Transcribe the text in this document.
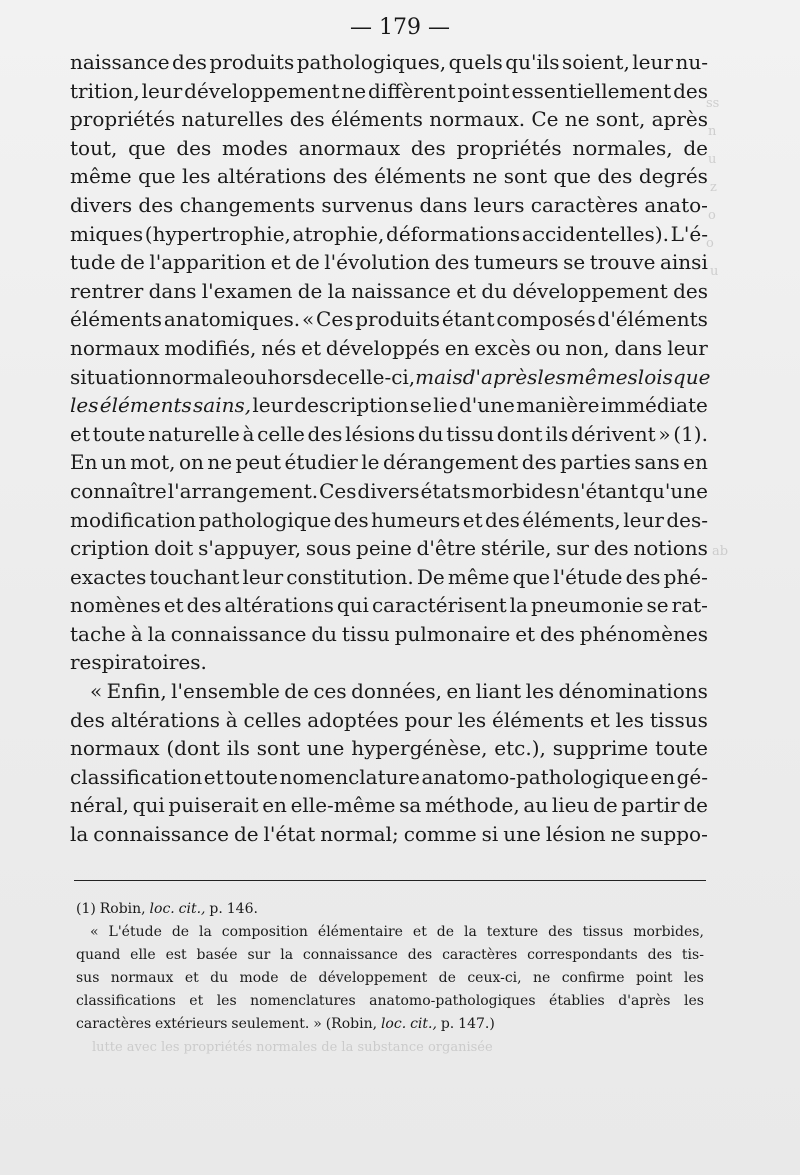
ss
n
u
z
o
o
u
ab
lutte avec les propriétés normales de la substance organisée
— 179 —
naissance des produits pathologiques, quels qu'ils soient, leur nu-
trition, leur développement ne diffèrent point essentiellement des
propriétés naturelles des éléments normaux. Ce ne sont, après
tout, que des modes anormaux des propriétés normales, de
même que les altérations des éléments ne sont que des degrés
divers des changements survenus dans leurs caractères anato-
miques (hypertrophie, atrophie, déformations accidentelles). L'é-
tude de l'apparition et de l'évolution des tumeurs se trouve ainsi
rentrer dans l'examen de la naissance et du développement des
éléments anatomiques. « Ces produits étant composés d'éléments
normaux modifiés, nés et développés en excès ou non, dans leur
situation normale ou hors de celle-ci, mais d'après les mêmes lois que
les éléments sains, leur description se lie d'une manière immédiate
et toute naturelle à celle des lésions du tissu dont ils dérivent » (1).
En un mot, on ne peut étudier le dérangement des parties sans en
connaître l'arrangement. Ces divers états morbides n'étant qu'une
modification pathologique des humeurs et des éléments, leur des-
cription doit s'appuyer, sous peine d'être stérile, sur des notions
exactes touchant leur constitution. De même que l'étude des phé-
nomènes et des altérations qui caractérisent la pneumonie se rat-
tache à la connaissance du tissu pulmonaire et des phénomènes
respiratoires.
« Enfin, l'ensemble de ces données, en liant les dénominations
des altérations à celles adoptées pour les éléments et les tissus
normaux (dont ils sont une hypergénèse, etc.), supprime toute
classification et toute nomenclature anatomo-pathologique en gé-
néral, qui puiserait en elle-même sa méthode, au lieu de partir de
la connaissance de l'état normal; comme si une lésion ne suppo-
(1) Robin, loc. cit., p. 146.
« L'étude de la composition élémentaire et de la texture des tissus morbides,
quand elle est basée sur la connaissance des caractères correspondants des tis-
sus normaux et du mode de développement de ceux-ci, ne confirme point les
classifications et les nomenclatures anatomo-pathologiques établies d'après les
caractères extérieurs seulement. » (Robin, loc. cit., p. 147.)
